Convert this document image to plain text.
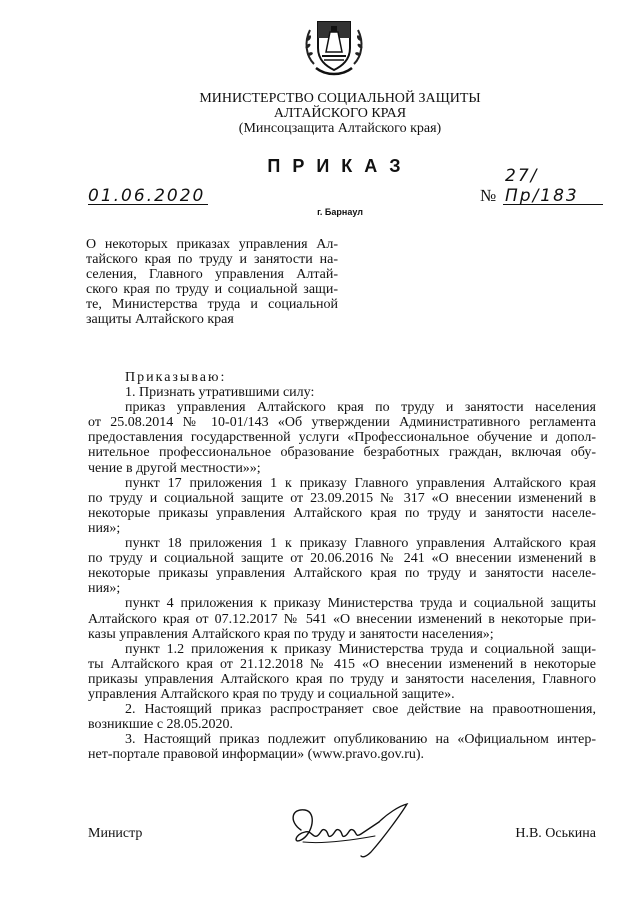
МИНИСТЕРСТВО СОЦИАЛЬНОЙ ЗАЩИТЫ
АЛТАЙСКОГО КРАЯ
(Минсоцзащита Алтайского края)
ПРИКАЗ
01.06.2020	№
27/Пр/183
г. Барнаул
О некоторых приказах управления Ал-
тайского края по труду и занятости на-
селения, Главного управления Алтай-
ского края по труду и социальной защи-
те, Министерства труда и социальной
защиты Алтайского края
Приказываю:
1. Признать утратившими силу:
приказ управления Алтайского края по труду и занятости населения
от 25.08.2014 № 10-01/143 «Об утверждении Административного регламента
предоставления государственной услуги «Профессиональное обучение и допол-
нительное профессиональное образование безработных граждан, включая обу-
чение в другой местности»»;
пункт 17 приложения 1 к приказу Главного управления Алтайского края
по труду и социальной защите от 23.09.2015 № 317 «О внесении изменений в
некоторые приказы управления Алтайского края по труду и занятости населе-
ния»;
пункт 18 приложения 1 к приказу Главного управления Алтайского края
по труду и социальной защите от 20.06.2016 № 241 «О внесении изменений в
некоторые приказы управления Алтайского края по труду и занятости населе-
ния»;
пункт 4 приложения к приказу Министерства труда и социальной защиты
Алтайского края от 07.12.2017 № 541 «О внесении изменений в некоторые при-
казы управления Алтайского края по труду и занятости населения»;
пункт 1.2 приложения к приказу Министерства труда и социальной защи-
ты Алтайского края от 21.12.2018 № 415 «О внесении изменений в некоторые
приказы управления Алтайского края по труду и занятости населения, Главного
управления Алтайского края по труду и социальной защите».
2. Настоящий приказ распространяет свое действие на правоотношения,
возникшие с 28.05.2020.
3. Настоящий приказ подлежит опубликованию на «Официальном интер-
нет-портале правовой информации» (www.pravo.gov.ru).
Министр	Н.В. Оськина
